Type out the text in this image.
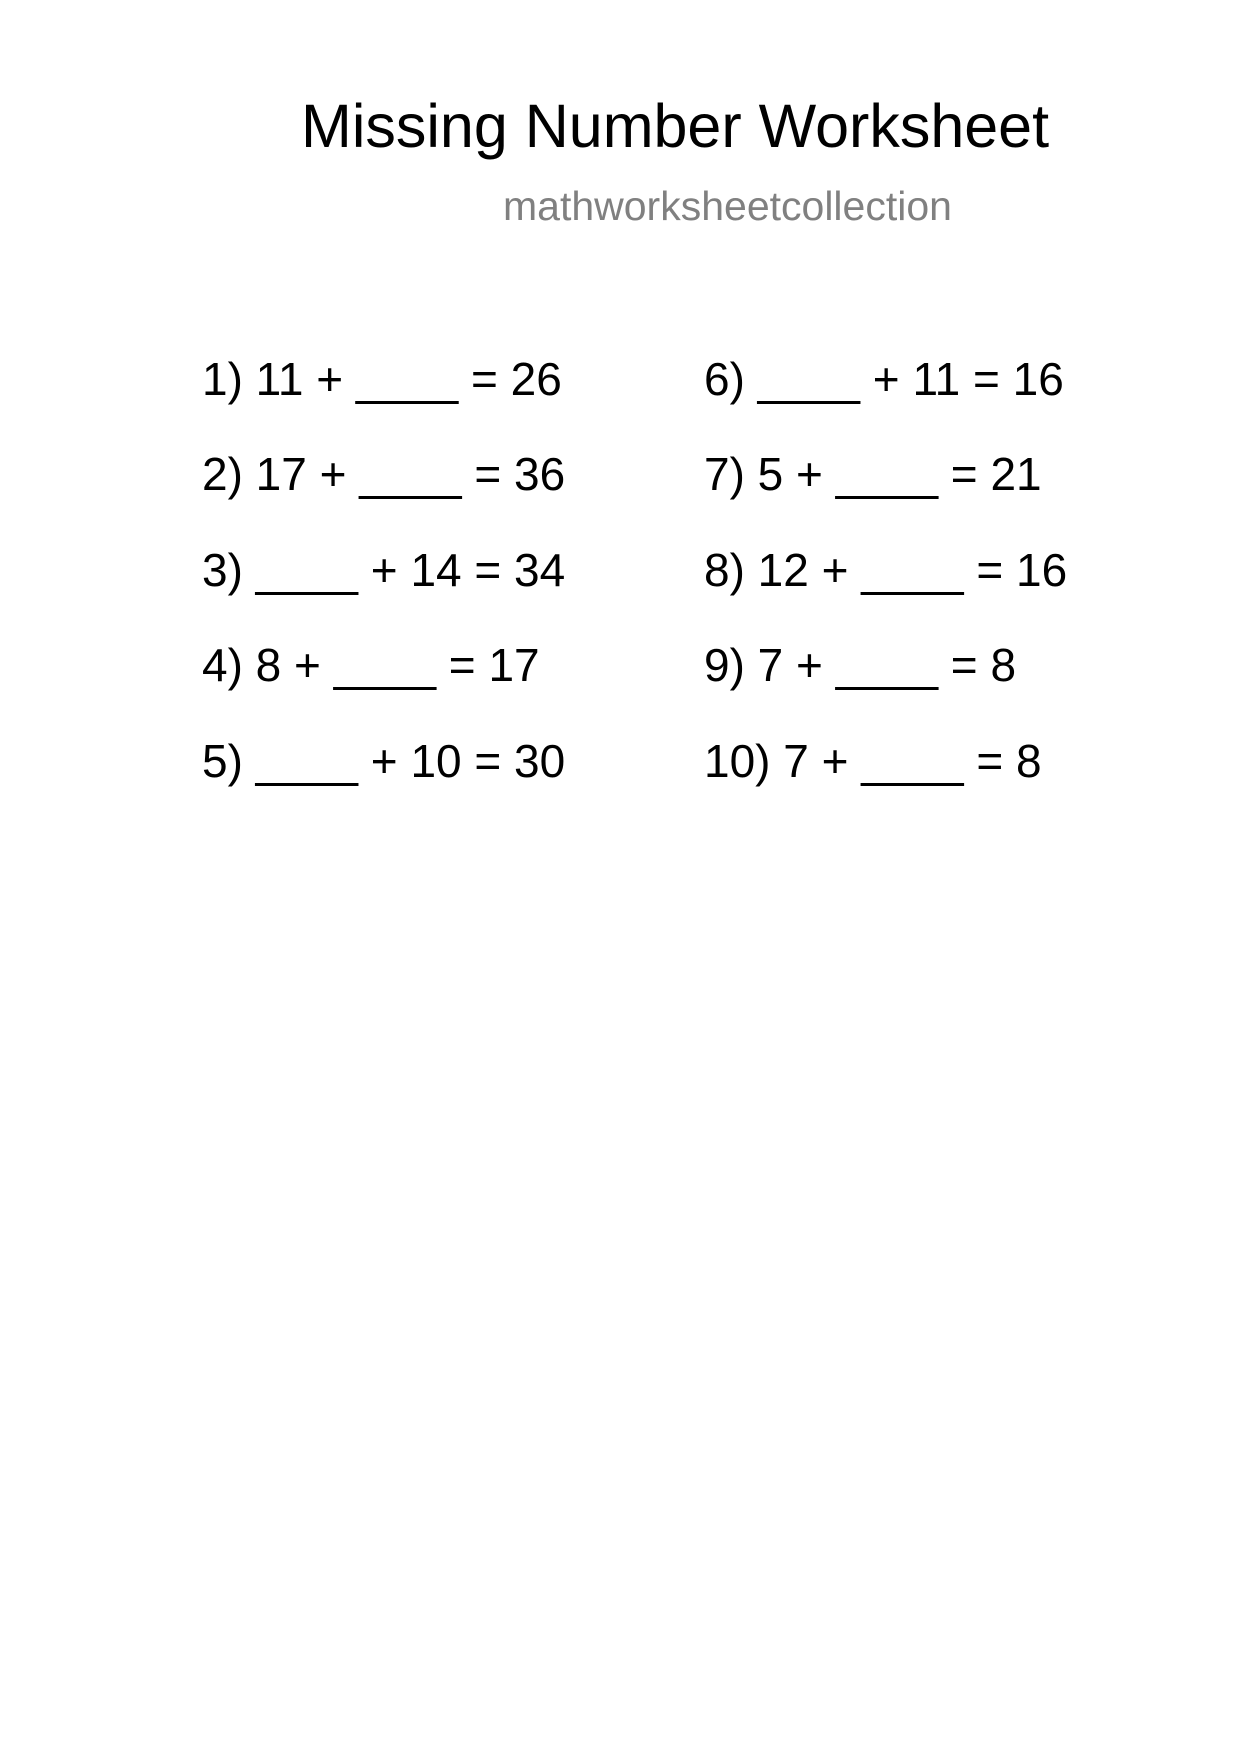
Missing Number Worksheet
mathworksheetcollection
1) 11 + ____ = 26
2) 17 + ____ = 36
3) ____ + 14 = 34
4) 8 + ____ = 17
5) ____ + 10 = 30
6) ____ + 11 = 16
7) 5 + ____ = 21
8) 12 + ____ = 16
9) 7 + ____ = 8
10) 7 + ____ = 8
